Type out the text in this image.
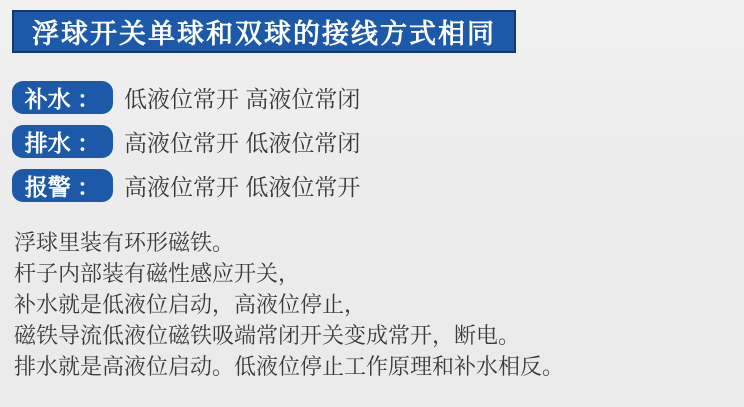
浮球开关单球和双球的接线方式相同
补水 ：	低液位常开 高液位常闭
排水 ：	高液位常开 低液位常闭
报警 ：	高液位常开 低液位常开
浮球里装有环形磁铁。
杆子内部装有磁性感应开关，
补水就是低液位启动，高液位停止，
磁铁导流低液位磁铁吸端常闭开关变成常开，断电。
排水就是高液位启动。低液位停止工作原理和补水相反。
